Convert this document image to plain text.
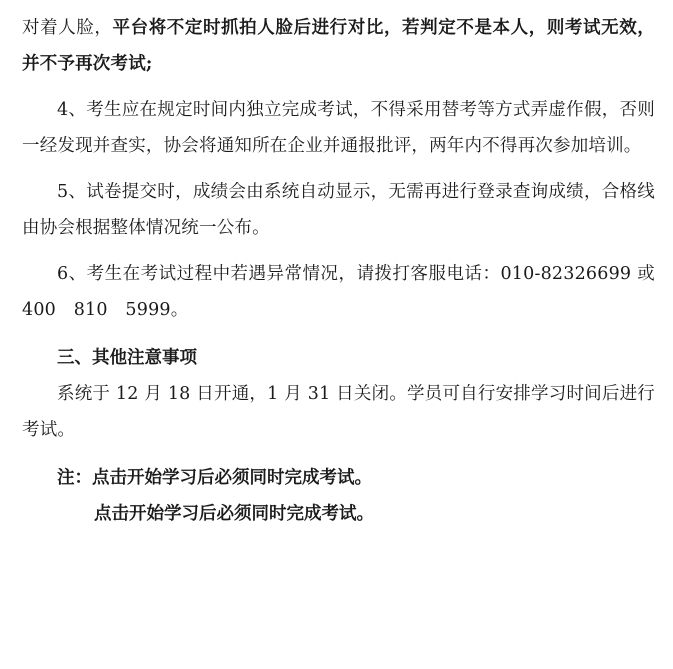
对着人脸，平台将不定时抓拍人脸后进行对比，若判定不是本人，则考试无效，并不予再次考试;

4、考生应在规定时间内独立完成考试，不得采用替考等方式弄虚作假，否则一经发现并查实，协会将通知所在企业并通报批评，两年内不得再次参加培训。

5、试卷提交时，成绩会由系统自动显示，无需再进行登录查询成绩，合格线由协会根据整体情况统一公布。

6、考生在考试过程中若遇异常情况，请拨打客服电话：010-82326699 或 400　810　5999。

三、其他注意事项

系统于 12 月 18 日开通，1 月 31 日关闭。学员可自行安排学习时间后进行考试。

注：点击开始学习后必须同时完成考试。

点击开始学习后必须同时完成考试。
